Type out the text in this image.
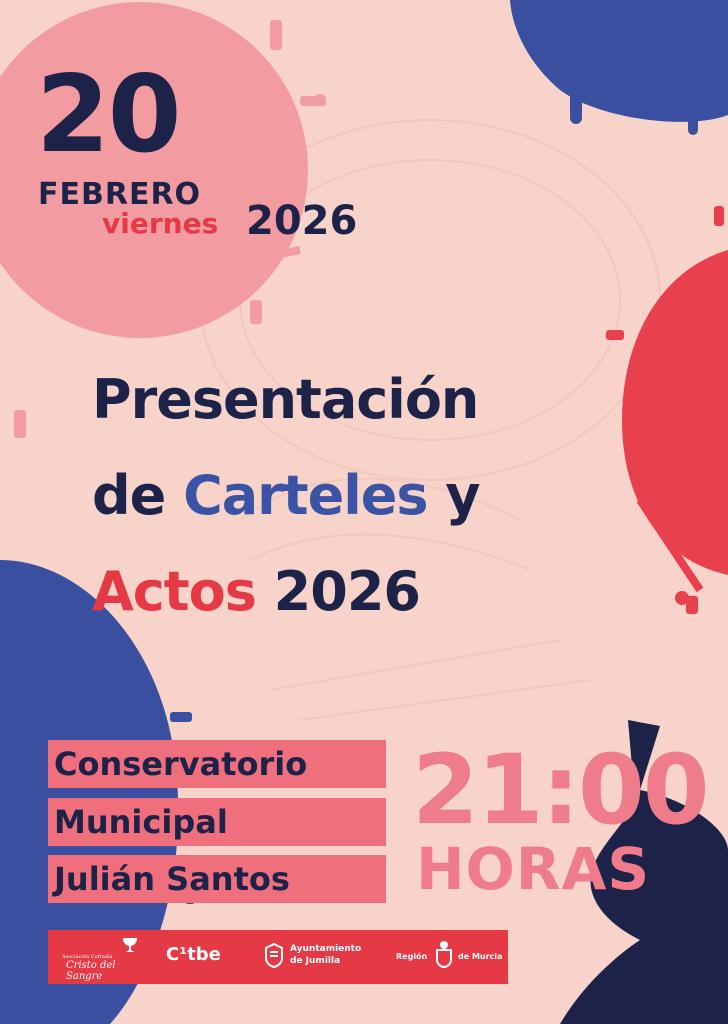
20
FEBRERO
viernes 2026
Presentación
de Carteles y
Actos 2026
Conservatorio
Municipal
Julián Santos
21:00
HORAS
Asociación Cofradía
Cristo del Sangre
C¹tbe	Ayuntamiento
de Jumilla	Región	de Murcia
